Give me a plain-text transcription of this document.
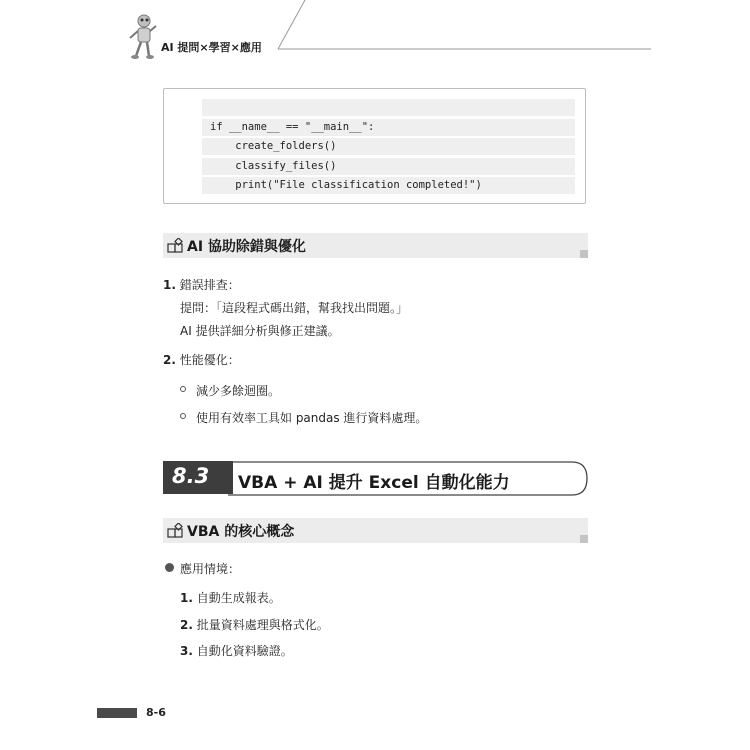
AI 提問×學習×應用
if __name__ == "__main__":
create_folders()
classify_files()
print("File classification completed!")
AI 協助除錯與優化
1. 錯誤排查：
提問：「這段程式碼出錯，幫我找出問題。」
AI 提供詳細分析與修正建議。
2. 性能優化：
減少多餘迴圈。
使用有效率工具如 pandas 進行資料處理。
8.3 VBA + AI 提升 Excel 自動化能力
VBA 的核心概念
應用情境：
1. 自動生成報表。
2. 批量資料處理與格式化。
3. 自動化資料驗證。
8-6
